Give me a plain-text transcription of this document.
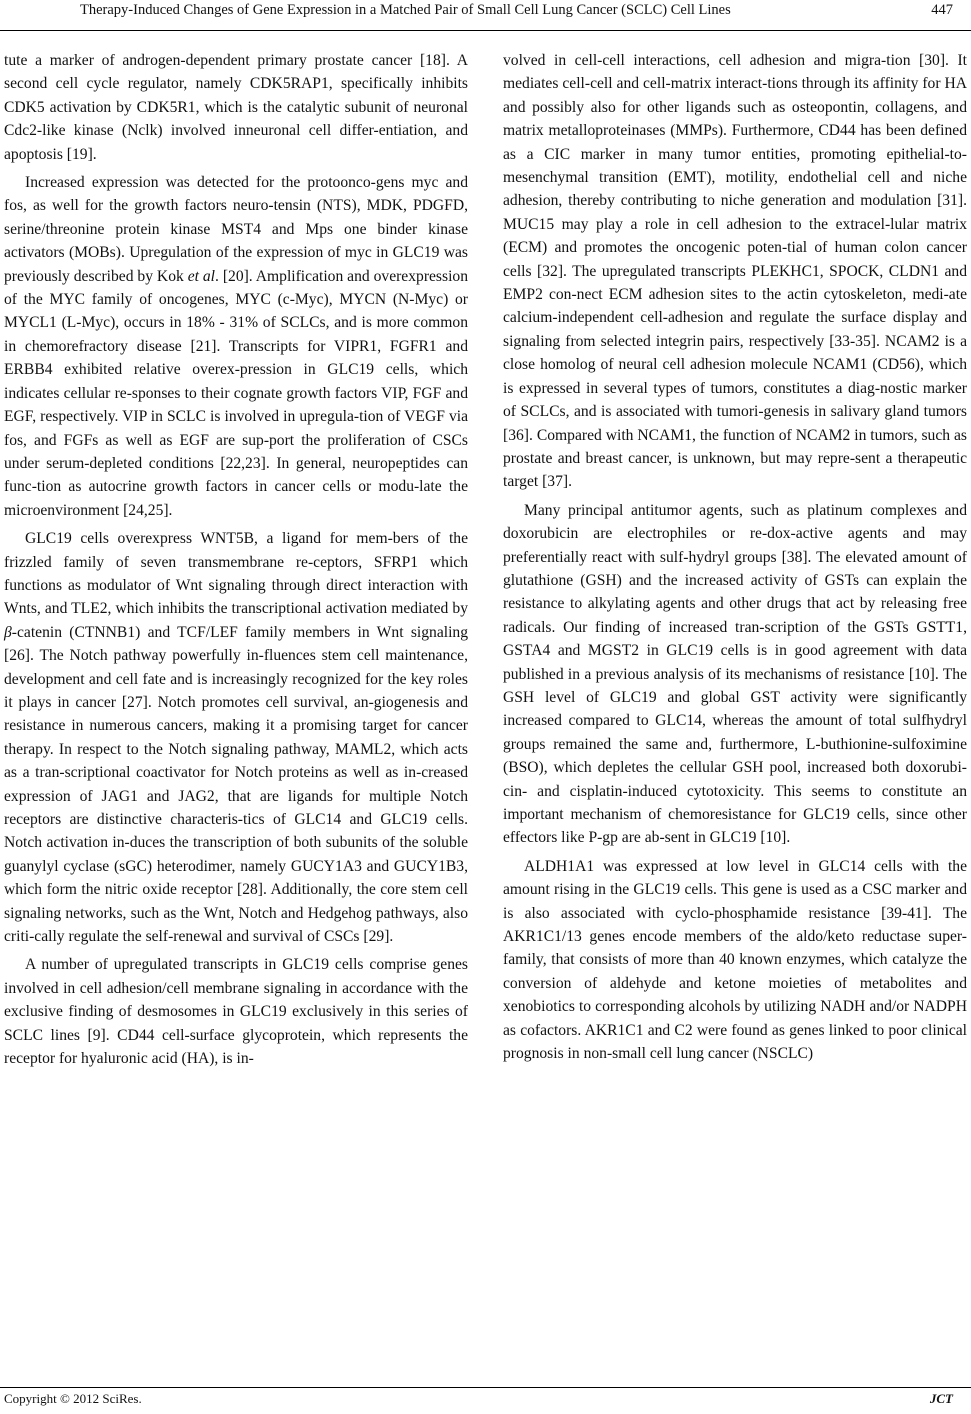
Therapy-Induced Changes of Gene Expression in a Matched Pair of Small Cell Lung Cancer (SCLC) Cell Lines	447

tute a marker of androgen-dependent primary prostate cancer [18]. A second cell cycle regulator, namely CDK5RAP1, specifically inhibits CDK5 activation by CDK5R1, which is the catalytic subunit of neuronal Cdc2-like kinase (Nclk) involved inneuronal cell differ-entiation, and apoptosis [19].

Increased expression was detected for the protoonco-gens myc and fos, as well for the growth factors neuro-tensin (NTS), MDK, PDGFD, serine/threonine protein kinase MST4 and Mps one binder kinase activators (MOBs). Upregulation of the expression of myc in GLC19 was previously described by Kok et al. [20]. Amplification and overexpression of the MYC family of oncogenes, MYC (c-Myc), MYCN (N-Myc) or MYCL1 (L-Myc), occurs in 18% - 31% of SCLCs, and is more common in chemorefractory disease [21]. Transcripts for VIPR1, FGFR1 and ERBB4 exhibited relative overex-pression in GLC19 cells, which indicates cellular re-sponses to their cognate growth factors VIP, FGF and EGF, respectively. VIP in SCLC is involved in upregula-tion of VEGF via fos, and FGFs as well as EGF are sup-port the proliferation of CSCs under serum-depleted conditions [22,23]. In general, neuropeptides can func-tion as autocrine growth factors in cancer cells or modu-late the microenvironment [24,25].

GLC19 cells overexpress WNT5B, a ligand for mem-bers of the frizzled family of seven transmembrane re-ceptors, SFRP1 which functions as modulator of Wnt signaling through direct interaction with Wnts, and TLE2, which inhibits the transcriptional activation mediated by β-catenin (CTNNB1) and TCF/LEF family members in Wnt signaling [26]. The Notch pathway powerfully in-fluences stem cell maintenance, development and cell fate and is increasingly recognized for the key roles it plays in cancer [27]. Notch promotes cell survival, an-giogenesis and resistance in numerous cancers, making it a promising target for cancer therapy. In respect to the Notch signaling pathway, MAML2, which acts as a tran-scriptional coactivator for Notch proteins as well as in-creased expression of JAG1 and JAG2, that are ligands for multiple Notch receptors are distinctive characteris-tics of GLC14 and GLC19 cells. Notch activation in-duces the transcription of both subunits of the soluble guanylyl cyclase (sGC) heterodimer, namely GUCY1A3 and GUCY1B3, which form the nitric oxide receptor [28]. Additionally, the core stem cell signaling networks, such as the Wnt, Notch and Hedgehog pathways, also criti-cally regulate the self-renewal and survival of CSCs [29].

A number of upregulated transcripts in GLC19 cells comprise genes involved in cell adhesion/cell membrane signaling in accordance with the exclusive finding of desmosomes in GLC19 exclusively in this series of SCLC lines [9]. CD44 cell-surface glycoprotein, which represents the receptor for hyaluronic acid (HA), is in-

volved in cell-cell interactions, cell adhesion and migra-tion [30]. It mediates cell-cell and cell-matrix interact-tions through its affinity for HA and possibly also for other ligands such as osteopontin, collagens, and matrix metalloproteinases (MMPs). Furthermore, CD44 has been defined as a CIC marker in many tumor entities, promoting epithelial-to-mesenchymal transition (EMT), motility, endothelial cell and niche adhesion, thereby contributing to niche generation and modulation [31]. MUC15 may play a role in cell adhesion to the extracel-lular matrix (ECM) and promotes the oncogenic poten-tial of human colon cancer cells [32]. The upregulated transcripts PLEKHC1, SPOCK, CLDN1 and EMP2 con-nect ECM adhesion sites to the actin cytoskeleton, medi-ate calcium-independent cell-adhesion and regulate the surface display and signaling from selected integrin pairs, respectively [33-35]. NCAM2 is a close homolog of neural cell adhesion molecule NCAM1 (CD56), which is expressed in several types of tumors, constitutes a diag-nostic marker of SCLCs, and is associated with tumori-genesis in salivary gland tumors [36]. Compared with NCAM1, the function of NCAM2 in tumors, such as prostate and breast cancer, is unknown, but may repre-sent a therapeutic target [37].

Many principal antitumor agents, such as platinum complexes and doxorubicin are electrophiles or re-dox-active agents and may preferentially react with sulf-hydryl groups [38]. The elevated amount of glutathione (GSH) and the increased activity of GSTs can explain the resistance to alkylating agents and other drugs that act by releasing free radicals. Our finding of increased tran-scription of the GSTs GSTT1, GSTA4 and MGST2 in GLC19 cells is in good agreement with data published in a previous analysis of its mechanisms of resistance [10]. The GSH level of GLC19 and global GST activity were significantly increased compared to GLC14, whereas the amount of total sulfhydryl groups remained the same and, furthermore, L-buthionine-sulfoximine (BSO), which depletes the cellular GSH pool, increased both doxorubi-cin- and cisplatin-induced cytotoxicity. This seems to constitute an important mechanism of chemoresistance for GLC19 cells, since other effectors like P-gp are ab-sent in GLC19 [10].

ALDH1A1 was expressed at low level in GLC14 cells with the amount rising in the GLC19 cells. This gene is used as a CSC marker and is also associated with cyclo-phosphamide resistance [39-41]. The AKR1C1/13 genes encode members of the aldo/keto reductase super-family, that consists of more than 40 known enzymes, which catalyze the conversion of aldehyde and ketone moieties of metabolites and xenobiotics to corresponding alcohols by utilizing NADH and/or NADPH as cofactors. AKR1C1 and C2 were found as genes linked to poor clinical prognosis in non-small cell lung cancer (NSCLC)

Copyright © 2012 SciRes.	JCT
